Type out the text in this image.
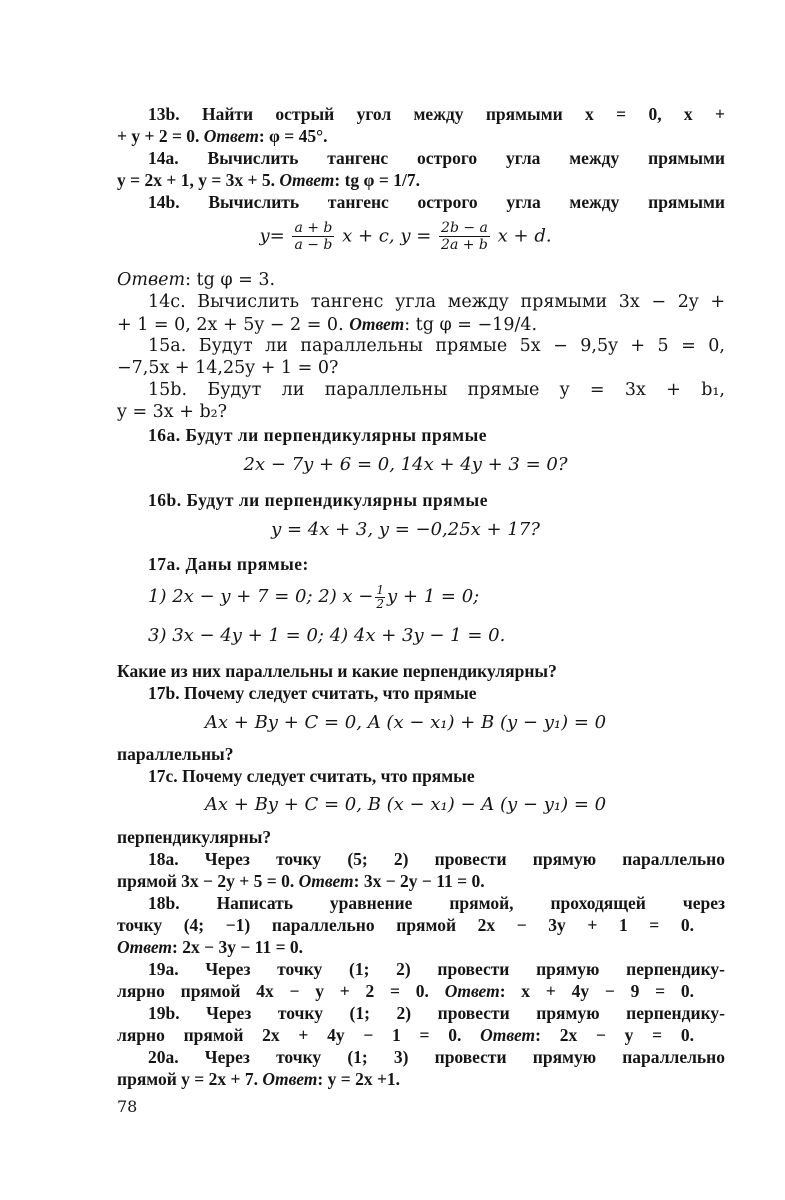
13b. Найти острый угол между прямыми x = 0, x +

+ y + 2 = 0. Ответ: φ = 45°.

14a. Вычислить тангенс острого угла между прямыми

y = 2x + 1, y = 3x + 5. Ответ: tg φ = 1/7.

14b. Вычислить тангенс острого угла между прямыми

$y= \frac{a + b}{a - b}$ x + c, $y = \frac{2b - a}{2a + b}$ x + d.

Ответ: tg φ = 3.

14c. Вычислить тангенс угла между прямыми 3x − 2y +

+ 1 = 0, 2x + 5y − 2 = 0. Ответ: tg φ = −19/4.

15a. Будут ли параллельны прямые 5x − 9,5y + 5 = 0,

−7,5x + 14,25y + 1 = 0?

15b. Будут ли параллельны прямые y = 3x + b₁,

y = 3x + b₂?

16a. Будут ли перпендикулярны прямые

2x − 7y + 6 = 0, 14x + 4y + 3 = 0?

16b. Будут ли перпендикулярны прямые

y = 4x + 3, y = −0,25x + 17?

17a. Даны прямые:

1) 2x − y + 7 = 0; 2) $x - \frac{1}{2}$ y + 1 = 0;
3) 3x − 4y + 1 = 0; 4) 4x + 3y − 1 = 0.

Какие из них параллельны и какие перпендикулярны?

17b. Почему следует считать, что прямые

Ax + By + C = 0, A (x − x₁) + B (y − y₁) = 0

параллельны?

17c. Почему следует считать, что прямые

Ax + By + C = 0, B (x − x₁) − A (y − y₁) = 0

перпендикулярны?

18a. Через точку (5; 2) провести прямую параллельно

прямой 3x − 2y + 5 = 0. Ответ: 3x − 2y − 11 = 0.

18b. Написать уравнение прямой, проходящей через

точку (4; −1) параллельно прямой 2x − 3y + 1 = 0.

Ответ: 2x − 3y − 11 = 0.

19a. Через точку (1; 2) провести прямую перпендику-

лярно прямой 4x − y + 2 = 0. Ответ: x + 4y − 9 = 0.

19b. Через точку (1; 2) провести прямую перпендику-

лярно прямой 2x + 4y − 1 = 0. Ответ: 2x − y = 0.

20a. Через точку (1; 3) провести прямую параллельно

прямой y = 2x + 7. Ответ: y = 2x +1.

78
